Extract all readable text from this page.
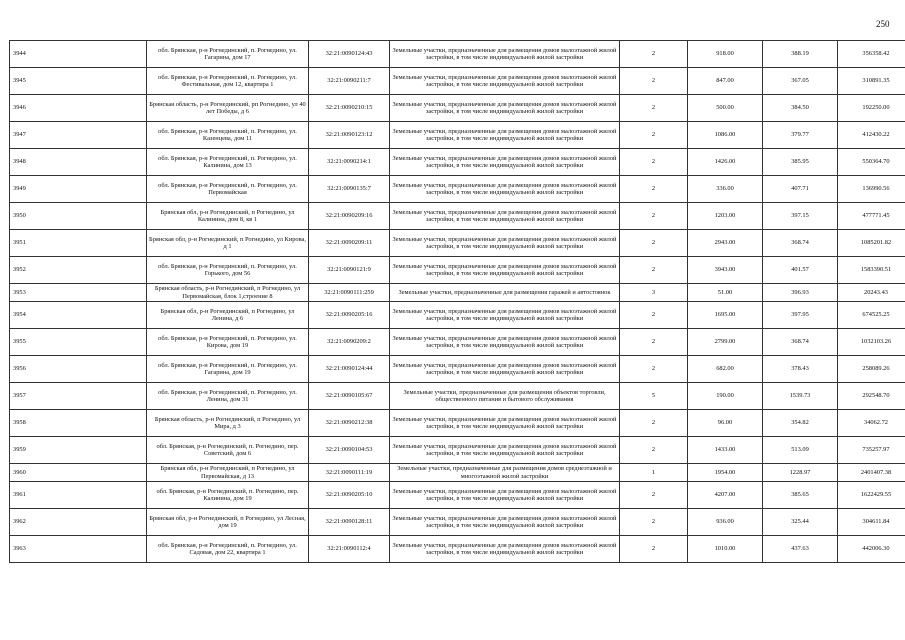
250
3944	обл. Брянская, р-н Рогнединский, п. Рогнедино, ул. Гагарина, дом 17	32:21:0090124:43	Земельные участки, предназначенные для размещения домов малоэтажной жилой застройки, в том числе индивидуальной жилой застройки	2	918.00	388.19	356358.42
3945	обл. Брянская, р-н Рогнединский, п. Рогнедино, ул. Фестивальная, дом 12, квартира 1	32:21:0090211:7	Земельные участки, предназначенные для размещения домов малоэтажной жилой застройки, в том числе индивидуальной жилой застройки	2	847.00	367.05	310891.35
3946	Брянская область, р-н Рогнединский, рп Рогнедино, ул 40 лет Победы, д 6	32:21:0090210:15	Земельные участки, предназначенные для размещения домов малоэтажной жилой застройки, в том числе индивидуальной жилой застройки	2	500.00	384.50	192250.00
3947	обл. Брянская, р-н Рогнединский, п. Рогнедино, ул. Казенцева, дом 11	32:21:0090123:12	Земельные участки, предназначенные для размещения домов малоэтажной жилой застройки, в том числе индивидуальной жилой застройки	2	1086.00	379.77	412430.22
3948	обл. Брянская, р-н Рогнединский, п. Рогнедино, ул. Калинина, дом 13	32:21:0090214:1	Земельные участки, предназначенные для размещения домов малоэтажной жилой застройки, в том числе индивидуальной жилой застройки	2	1426.00	385.95	550364.70
3949	обл. Брянская, р-н Рогнединский, п. Рогнедино, ул. Первомайская	32:21:0090135:7	Земельные участки, предназначенные для размещения домов малоэтажной жилой застройки, в том числе индивидуальной жилой застройки	2	336.00	407.71	136990.56
3950	Брянская обл, р-н Рогнединский, п Рогнедино, ул Калинина, дом 8, кв 1	32:21:0090209:16	Земельные участки, предназначенные для размещения домов малоэтажной жилой застройки, в том числе индивидуальной жилой застройки	2	1203.00	397.15	477771.45
3951	Брянская обл, р-н Рогнединский, п Рогнедино, ул Кирова, д 1	32:21:0090209:11	Земельные участки, предназначенные для размещения домов малоэтажной жилой застройки, в том числе индивидуальной жилой застройки	2	2943.00	368.74	1085201.82
3952	обл. Брянская, р-н Рогнединский, п. Рогнедино, ул. Горького, дом 56	32:21:0090121:9	Земельные участки, предназначенные для размещения домов малоэтажной жилой застройки, в том числе индивидуальной жилой застройки	2	3943.00	401.57	1583390.51
3953	Брянская область, р-н Рогнединский, п Рогнедино, ул Первомайская, блок 1,строение 8	32:21:0090111:259	Земельные участки, предназначенные для размещения гаражей и автостоянок	3	51.00	396.93	20243.43
3954	Брянская обл, р-н Рогнединский, п Рогнедино, ул Ленина, д 6	32:21:0090205:16	Земельные участки, предназначенные для размещения домов малоэтажной жилой застройки, в том числе индивидуальной жилой застройки	2	1695.00	397.95	674525.25
3955	обл. Брянская, р-н Рогнединский, п. Рогнедино, ул. Кирова, дом 19	32:21:0090209:2	Земельные участки, предназначенные для размещения домов малоэтажной жилой застройки, в том числе индивидуальной жилой застройки	2	2799.00	368.74	1032103.26
3956	обл. Брянская, р-н Рогнединский, п. Рогнедино, ул. Гагарина, дом 19	32:21:0090124:44	Земельные участки, предназначенные для размещения домов малоэтажной жилой застройки, в том числе индивидуальной жилой застройки	2	682.00	378.43	258089.26
3957	обл. Брянская, р-н Рогнединский, п. Рогнедино, ул. Ленина, дом 31	32:21:0090105:67	Земельные участки, предназначенные для размещения объектов торговли, общественного питания и бытового обслуживания	5	190.00	1539.73	292548.70
3958	Брянская область, р-н Рогнединский, п Рогнедино, ул Мира, д 3	32:21:0090212:38	Земельные участки, предназначенные для размещения домов малоэтажной жилой застройки, в том числе индивидуальной жилой застройки	2	96.00	354.82	34062.72
3959	обл. Брянская, р-н Рогнединский, п. Рогнедино, пер. Советский, дом 6	32:21:0090104:53	Земельные участки, предназначенные для размещения домов малоэтажной жилой застройки, в том числе индивидуальной жилой застройки	2	1433.00	513.09	735257.97
3960	Брянская обл, р-н Рогнединский, п Рогнедино, ул Первомайская, д 13	32:21:0090111:19	Земельные участки, предназначенные для размещения домов среднеэтажной и многоэтажной жилой застройки	1	1954.00	1228.97	2401407.38
3961	обл. Брянская, р-н Рогнединский, п. Рогнедино, пер. Калинина, дом 19	32:21:0090205:10	Земельные участки, предназначенные для размещения домов малоэтажной жилой застройки, в том числе индивидуальной жилой застройки	2	4207.00	385.65	1622429.55
3962	Брянская обл, р-н Рогнединский, п Рогнедино, ул Лесная, дом 19	32:21:0090128:11	Земельные участки, предназначенные для размещения домов малоэтажной жилой застройки, в том числе индивидуальной жилой застройки	2	936.00	325.44	304611.84
3963	обл. Брянская, р-н Рогнединский, п. Рогнедино, ул. Садовая, дом 22, квартира 1	32:21:0090112:4	Земельные участки, предназначенные для размещения домов малоэтажной жилой застройки, в том числе индивидуальной жилой застройки	2	1010.00	437.63	442006.30
